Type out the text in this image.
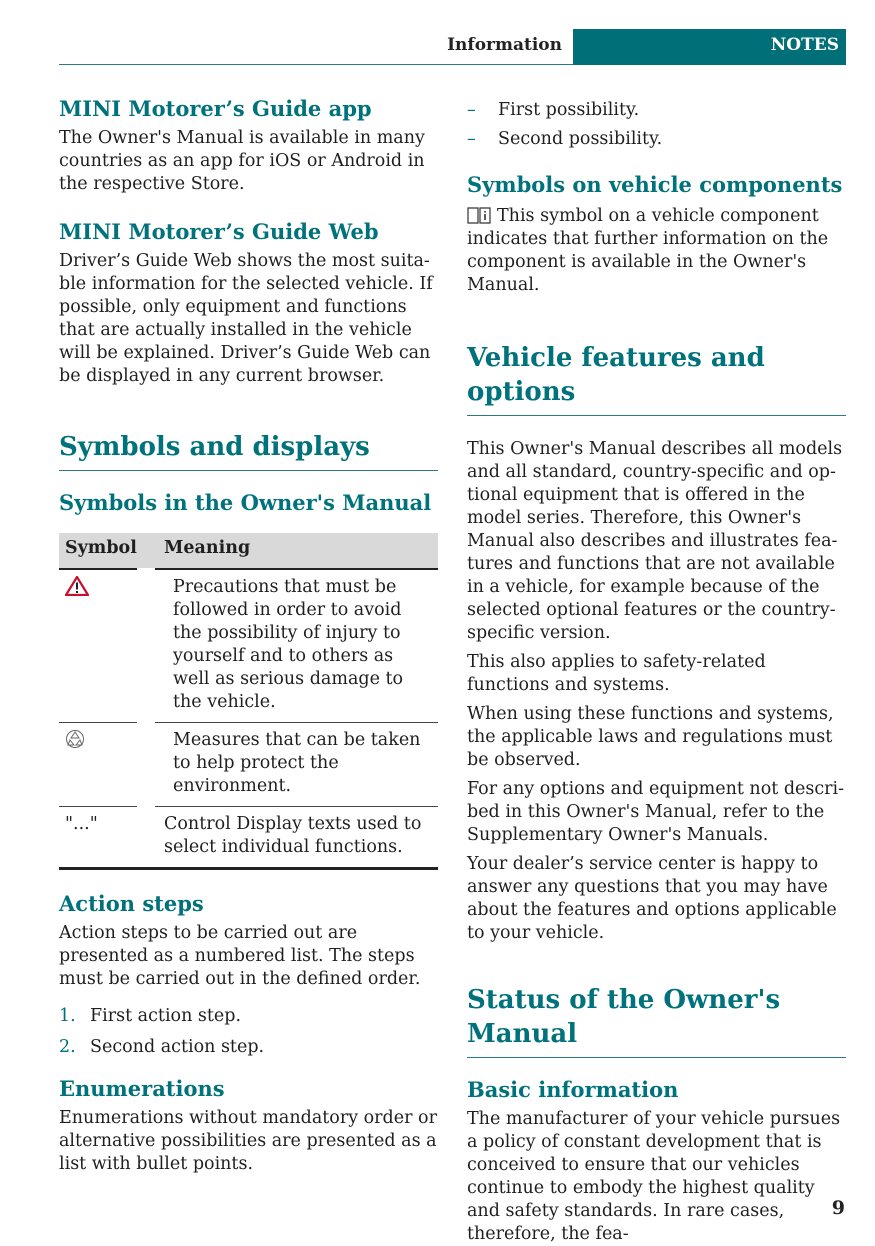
Information	NOTES
MINI Motorer’s Guide app

The Owner's Manual is available in many countries as an app for iOS or Android in the respective Store.

MINI Motorer’s Guide Web

Driver’s Guide Web shows the most suitable information for the selected vehicle. If possible, only equipment and functions that are actually installed in the vehicle will be explained. Driver’s Guide Web can be displayed in any current browser.

Symbols and displays
Symbols in the Owner's Manual
Symbol	Meaning
	Precautions that must be followed in order to avoid the possibility of injury to yourself and to others as well as serious damage to the vehicle.
	Measures that can be taken to help protect the environment.
"..."	Control Display texts used to select individual functions.
Action steps

Action steps to be carried out are presented as a numbered list. The steps must be carried out in the defined order.

1. First action step.
2. Second action step.
Enumerations

Enumerations without mandatory order or alternative possibilities are presented as a list with bullet points.

– First possibility.
– Second possibility.
Symbols on vehicle components

This symbol on a vehicle component indicates that further information on the component is available in the Owner's Manual.

Vehicle features and options

This Owner's Manual describes all models and all standard, country-specific and optional equipment that is offered in the model series. Therefore, this Owner's Manual also describes and illustrates features and functions that are not available in a vehicle, for example because of the selected optional features or the country-specific version.

This also applies to safety-related functions and systems.

When using these functions and systems, the applicable laws and regulations must be observed.

For any options and equipment not described in this Owner's Manual, refer to the Supplementary Owner's Manuals.

Your dealer’s service center is happy to answer any questions that you may have about the features and options applicable to your vehicle.

Status of the Owner's Manual
Basic information

The manufacturer of your vehicle pursues a policy of constant development that is conceived to ensure that our vehicles continue to embody the highest quality and safety standards. In rare cases, therefore, the fea-

9
